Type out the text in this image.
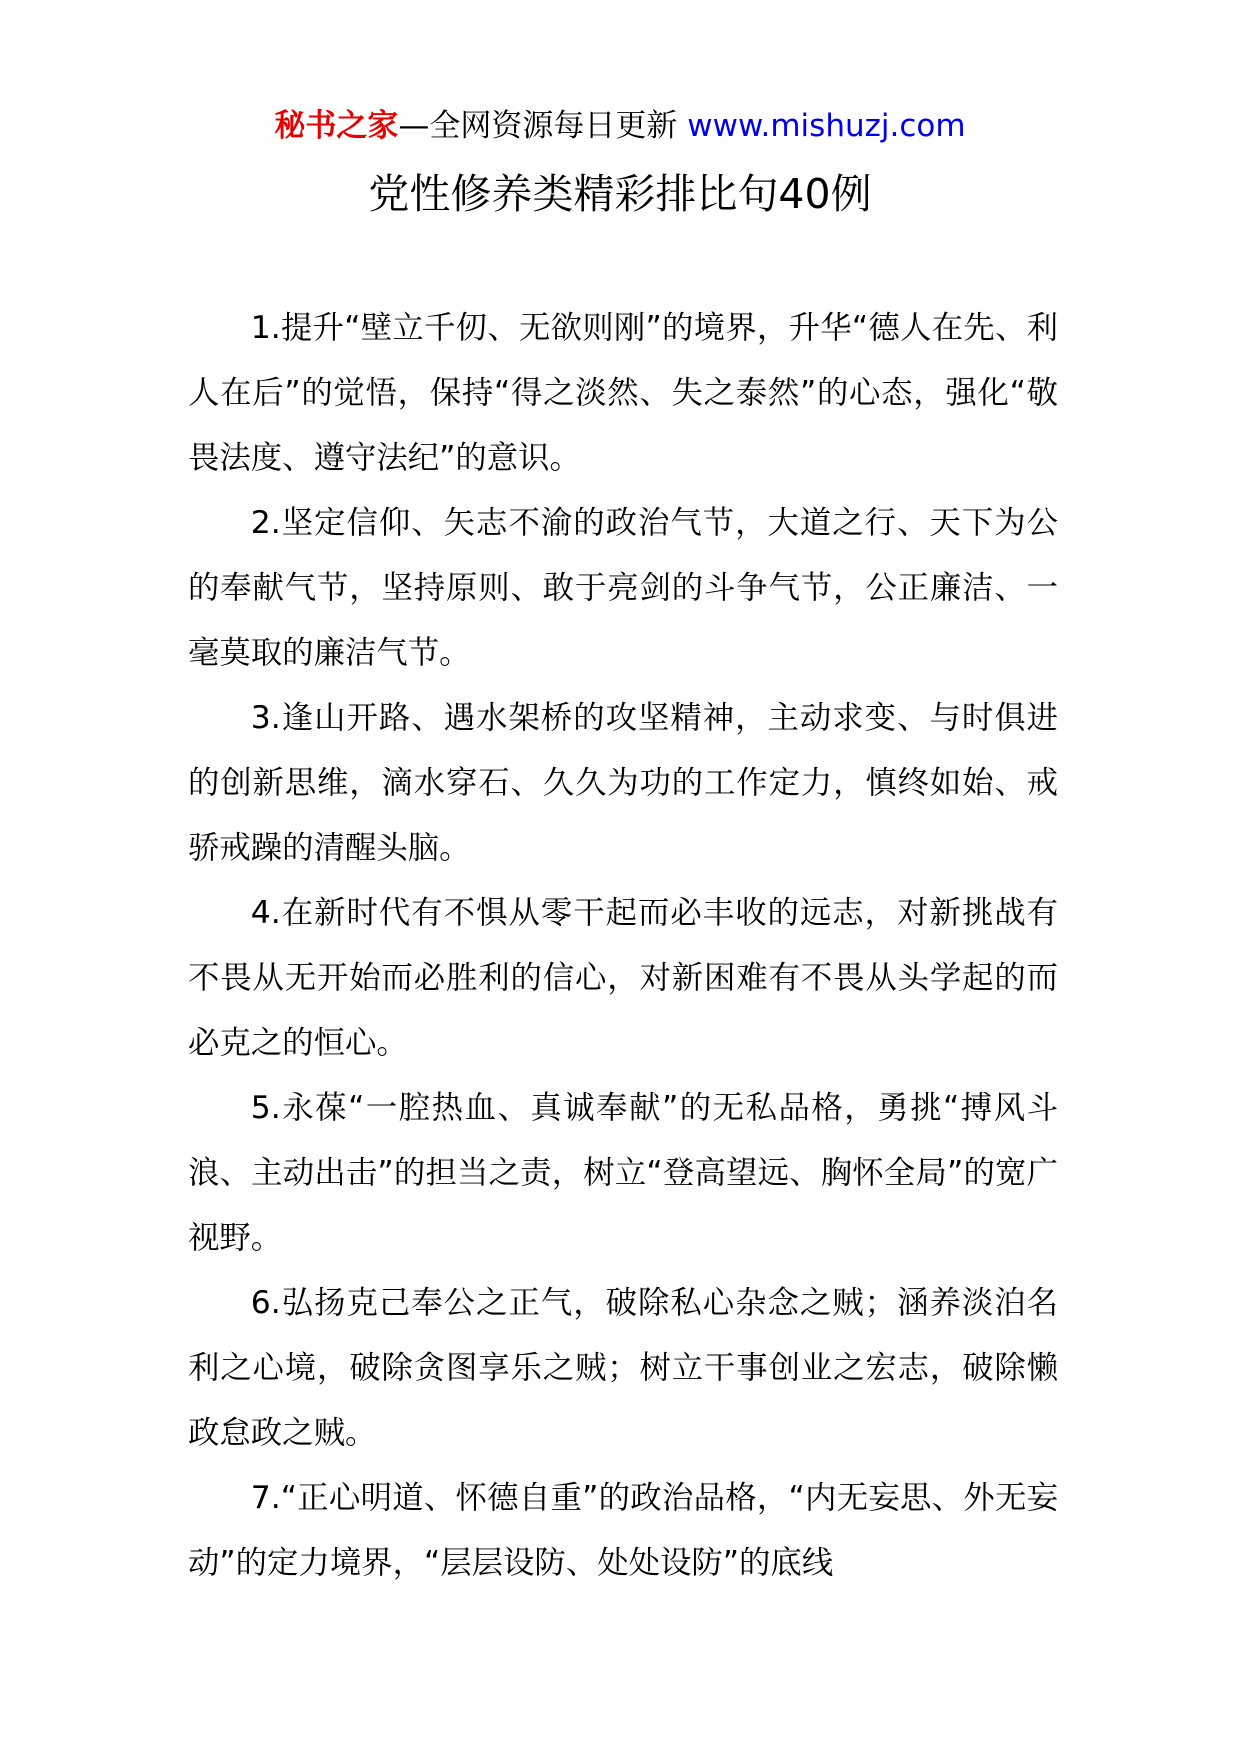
秘书之家—全网资源每日更新 www.mishuzj.com
党性修养类精彩排比句40例

1.提升“壁立千仞、无欲则刚”的境界，升华“德人在先、利人在后”的觉悟，保持“得之淡然、失之泰然”的心态，强化“敬畏法度、遵守法纪”的意识。

2.坚定信仰、矢志不渝的政治气节，大道之行、天下为公的奉献气节，坚持原则、敢于亮剑的斗争气节，公正廉洁、一毫莫取的廉洁气节。

3.逢山开路、遇水架桥的攻坚精神，主动求变、与时俱进的创新思维，滴水穿石、久久为功的工作定力，慎终如始、戒骄戒躁的清醒头脑。

4.在新时代有不惧从零干起而必丰收的远志，对新挑战有不畏从无开始而必胜利的信心，对新困难有不畏从头学起的而必克之的恒心。

5.永葆“一腔热血、真诚奉献”的无私品格，勇挑“搏风斗浪、主动出击”的担当之责，树立“登高望远、胸怀全局”的宽广视野。

6.弘扬克己奉公之正气，破除私心杂念之贼；涵养淡泊名利之心境，破除贪图享乐之贼；树立干事创业之宏志，破除懒政怠政之贼。

7.“正心明道、怀德自重”的政治品格，“内无妄思、外无妄动”的定力境界，“层层设防、处处设防”的底线
